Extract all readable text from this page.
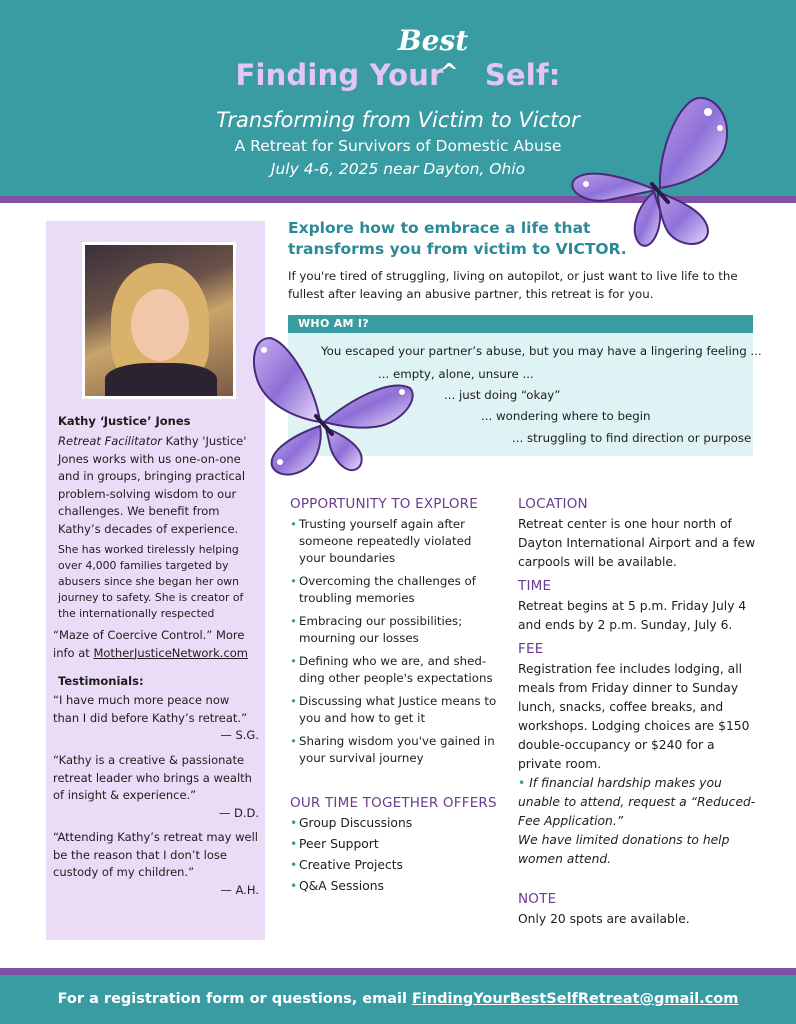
Finding Your Self:
Best
^
Transforming from Victim to Victor
A Retreat for Survivors of Domestic Abuse
July 4-6, 2025 near Dayton, Ohio
Kathy ‘Justice’ Jones
Retreat Facilitator Kathy 'Justice' Jones works with us one-on-one and in groups, bringing practical problem-solving wisdom to our challenges. We benefit from Kathy’s decades of experience.
She has worked tirelessly helping over 4,000 families targeted by abusers since she began her own journey to safety. She is creator of the internationally respected
“Maze of Coercive Control.” More info at MotherJusticeNetwork.com
Testimonials:
“I have much more peace now than I did before Kathy’s retreat.”
— S.G.
“Kathy is a creative & passionate retreat leader who brings a wealth of insight & experience.”
— D.D.
“Attending Kathy’s retreat may well be the reason that I don’t lose custody of my children.”
— A.H.
Explore how to embrace a life that transforms you from victim to VICTOR.
If you're tired of struggling, living on autopilot, or just want to live life to the fullest after leaving an abusive partner, this retreat is for you.
WHO AM I?
You escaped your partner’s abuse, but you may have a lingering feeling ...
... empty, alone, unsure ...
... just doing “okay”
... wondering where to begin
... struggling to find direction or purpose
OPPORTUNITY TO EXPLORE
• Trusting yourself again after someone repeatedly violated your boundaries
• Overcoming the challenges of troubling memories
• Embracing our possibilities; mourning our losses
• Defining who we are, and shed-ding other people's expectations
• Discussing what Justice means to you and how to get it
• Sharing wisdom you've gained in your survival journey
OUR TIME TOGETHER OFFERS
• Group Discussions
• Peer Support
• Creative Projects
• Q&A Sessions
LOCATION
Retreat center is one hour north of Dayton International Airport and a few carpools will be available.
TIME
Retreat begins at 5 p.m. Friday July 4 and ends by 2 p.m. Sunday, July 6.
FEE
Registration fee includes lodging, all meals from Friday dinner to Sunday lunch, snacks, coffee breaks, and workshops. Lodging choices are $150 double-occupancy or $240 for a private room.
• If financial hardship makes you unable to attend, request a “Reduced-Fee Application.”
We have limited donations to help women attend.
NOTE
Only 20 spots are available.
For a registration form or questions, email FindingYourBestSelfRetreat@gmail.com
